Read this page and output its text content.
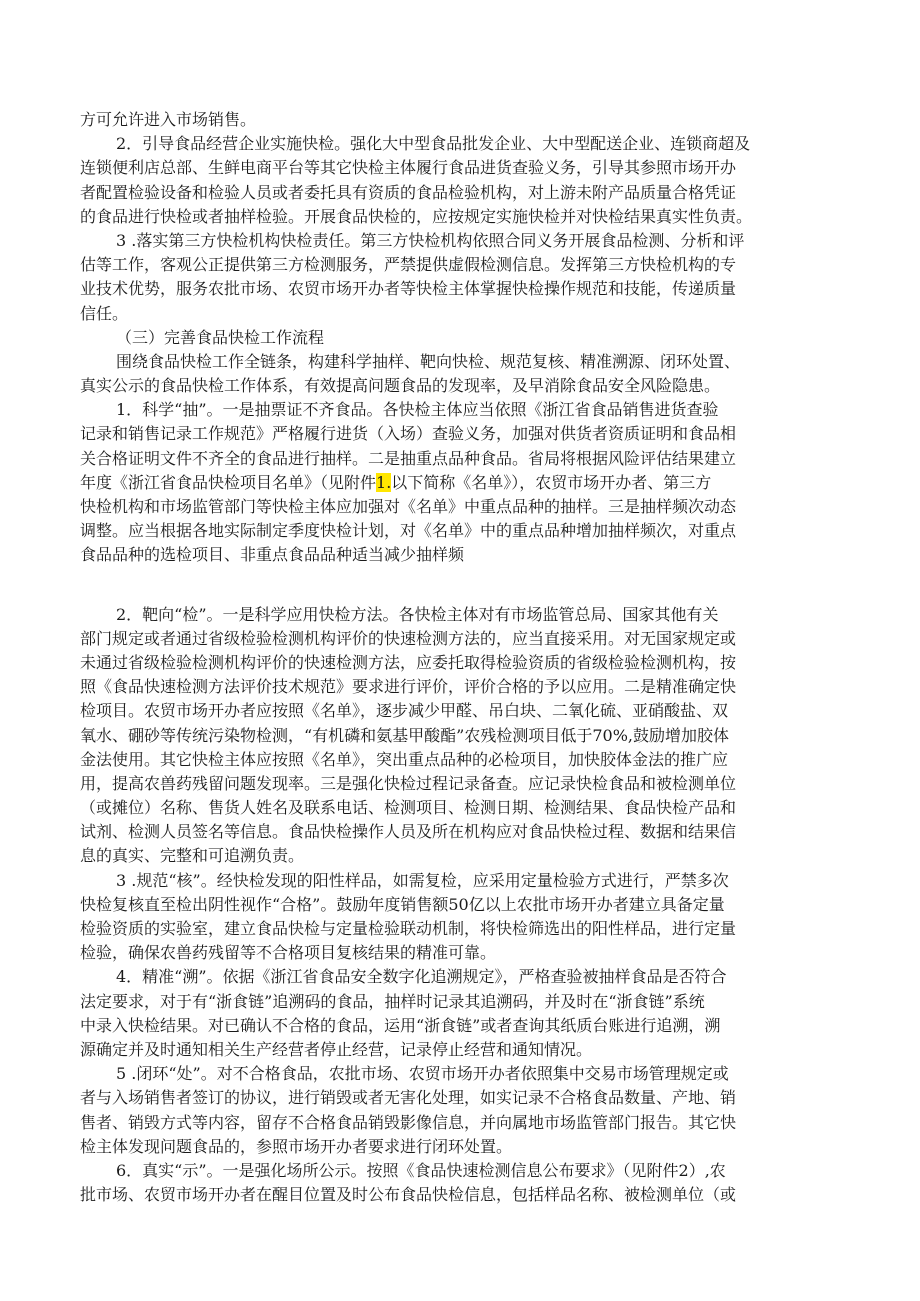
方可允许进入市场销售。
2．引导食品经营企业实施快检。强化大中型食品批发企业、大中型配送企业、连锁商超及
连锁便利店总部、生鲜电商平台等其它快检主体履行食品进货查验义务，引导其参照市场开办
者配置检验设备和检验人员或者委托具有资质的食品检验机构，对上游未附产品质量合格凭证
的食品进行快检或者抽样检验。开展食品快检的，应按规定实施快检并对快检结果真实性负责。
3 .落实第三方快检机构快检责任。第三方快检机构依照合同义务开展食品检测、分析和评
估等工作，客观公正提供第三方检测服务，严禁提供虚假检测信息。发挥第三方快检机构的专
业技术优势，服务农批市场、农贸市场开办者等快检主体掌握快检操作规范和技能，传递质量
信任。
（三）完善食品快检工作流程
围绕食品快检工作全链条，构建科学抽样、靶向快检、规范复核、精准溯源、闭环处置、
真实公示的食品快检工作体系，有效提高问题食品的发现率，及早消除食品安全风险隐患。
1．科学“抽”。一是抽票证不齐食品。各快检主体应当依照《浙江省食品销售进货查验
记录和销售记录工作规范》严格履行进货（入场）查验义务，加强对供货者资质证明和食品相
关合格证明文件不齐全的食品进行抽样。二是抽重点品种食品。省局将根据风险评估结果建立
年度《浙江省食品快检项目名单》（见附件1.以下简称《名单》），农贸市场开办者、第三方
快检机构和市场监管部门等快检主体应加强对《名单》中重点品种的抽样。三是抽样频次动态
调整。应当根据各地实际制定季度快检计划，对《名单》中的重点品种增加抽样频次，对重点
食品品种的选检项目、非重点食品品种适当减少抽样频
2．靶向“检”。一是科学应用快检方法。各快检主体对有市场监管总局、国家其他有关
部门规定或者通过省级检验检测机构评价的快速检测方法的，应当直接采用。对无国家规定或
未通过省级检验检测机构评价的快速检测方法，应委托取得检验资质的省级检验检测机构，按
照《食品快速检测方法评价技术规范》要求进行评价，评价合格的予以应用。二是精准确定快
检项目。农贸市场开办者应按照《名单》，逐步减少甲醛、吊白块、二氧化硫、亚硝酸盐、双
氧水、硼砂等传统污染物检测，“有机磷和氨基甲酸酯”农残检测项目低于70%,鼓励增加胶体
金法使用。其它快检主体应按照《名单》，突出重点品种的必检项目，加快胶体金法的推广应
用，提高农兽药残留问题发现率。三是强化快检过程记录备查。应记录快检食品和被检测单位
（或摊位）名称、售货人姓名及联系电话、检测项目、检测日期、检测结果、食品快检产品和
试剂、检测人员签名等信息。食品快检操作人员及所在机构应对食品快检过程、数据和结果信
息的真实、完整和可追溯负责。
3 .规范“核”。经快检发现的阳性样品，如需复检，应采用定量检验方式进行，严禁多次
快检复核直至检出阴性视作“合格”。鼓励年度销售额50亿以上农批市场开办者建立具备定量
检验资质的实验室，建立食品快检与定量检验联动机制，将快检筛选出的阳性样品，进行定量
检验，确保农兽药残留等不合格项目复核结果的精准可靠。
4．精准“溯”。依据《浙江省食品安全数字化追溯规定》，严格查验被抽样食品是否符合
法定要求，对于有“浙食链”追溯码的食品，抽样时记录其追溯码，并及时在“浙食链”系统
中录入快检结果。对已确认不合格的食品，运用“浙食链”或者查询其纸质台账进行追溯，溯
源确定并及时通知相关生产经营者停止经营，记录停止经营和通知情况。
5 .闭环“处”。对不合格食品，农批市场、农贸市场开办者依照集中交易市场管理规定或
者与入场销售者签订的协议，进行销毁或者无害化处理，如实记录不合格食品数量、产地、销
售者、销毁方式等内容，留存不合格食品销毁影像信息，并向属地市场监管部门报告。其它快
检主体发现问题食品的，参照市场开办者要求进行闭环处置。
6．真实“示”。一是强化场所公示。按照《食品快速检测信息公布要求》（见附件2）,农
批市场、农贸市场开办者在醒目位置及时公布食品快检信息，包括样品名称、被检测单位（或
